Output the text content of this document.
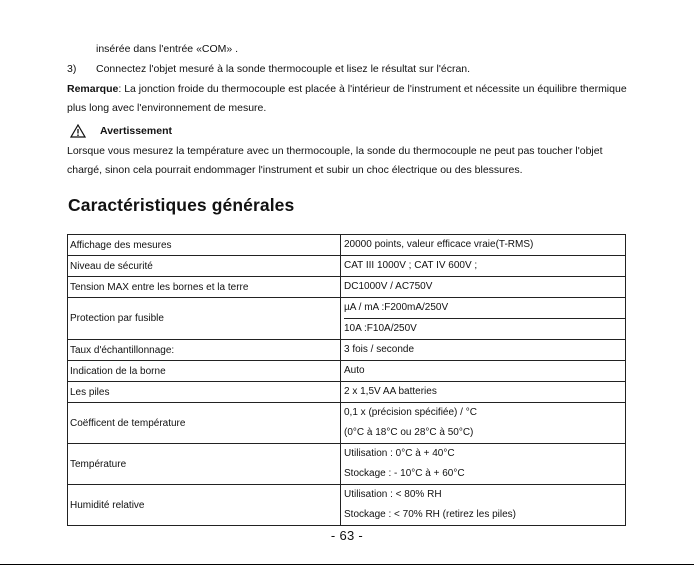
insérée dans l'entrée «COM» .
3) Connectez l'objet mesuré à la sonde thermocouple et lisez le résultat sur l'écran.
Remarque: La jonction froide du thermocouple est placée à l'intérieur de l'instrument et nécessite un équilibre thermique
plus long avec l'environnement de mesure.
Avertissement
Lorsque vous mesurez la température avec un thermocouple, la sonde du thermocouple ne peut pas toucher l'objet
chargé, sinon cela pourrait endommager l'instrument et subir un choc électrique ou des blessures.
Caractéristiques générales
Affichage des mesures	20000 points, valeur efficace vraie(T-RMS)

Niveau de sécurité	CAT III 1000V ; CAT IV 600V ;

Tension MAX entre les bornes et la terre	DC1000V / AC750V

Protection par fusible	µA / mA :F200mA/250V
10A :F10A/250V

Taux d'échantillonnage:	3 fois / seconde

Indication de la borne	Auto

Les piles	2 x 1,5V AA batteries

Coëfficent de température	0,1 x (précision spécifiée) / °C
(0°C à 18°C ou 28°C à 50°C)

Température	Utilisation : 0°C à + 40°C
Stockage : - 10°C à + 60°C

Humidité relative	Utilisation : < 80% RH
Stockage : < 70% RH (retirez les piles)
- 63 -
